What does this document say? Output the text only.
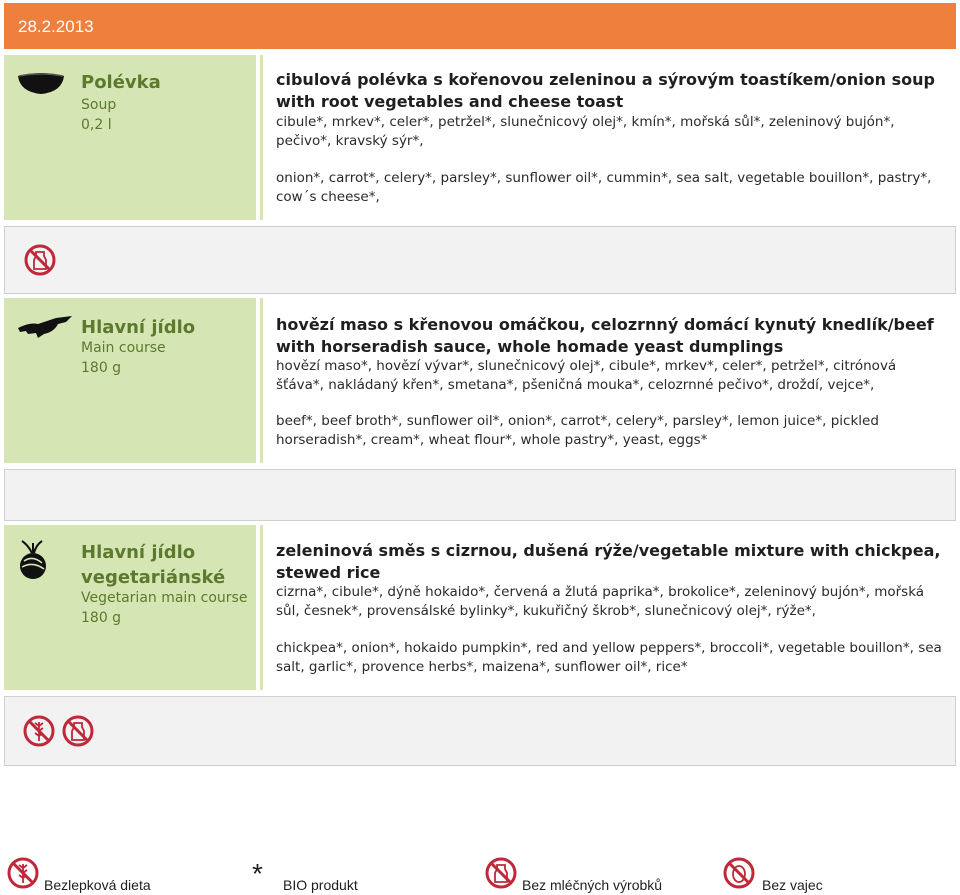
28.2.2013
Polévka
Soup
0,2 l
cibulová polévka s kořenovou zeleninou a sýrovým toastíkem/onion soup with root vegetables and cheese toast
cibule*, mrkev*, celer*, petržel*, slunečnicový olej*, kmín*, mořská sůl*, zeleninový bujón*, pečivo*, kravský sýr*,
onion*, carrot*, celery*, parsley*, sunflower oil*, cummin*, sea salt, vegetable bouillon*, pastry*, cow´s cheese*,
Hlavní jídlo
Main course
180 g
hovězí maso s křenovou omáčkou, celozrnný domácí kynutý knedlík/beef with horseradish sauce, whole homade yeast dumplings
hovězí maso*, hovězí vývar*, slunečnicový olej*, cibule*, mrkev*, celer*, petržel*, citrónová šťáva*, nakládaný křen*, smetana*, pšeničná mouka*, celozrnné pečivo*, droždí, vejce*,
beef*, beef broth*, sunflower oil*, onion*, carrot*, celery*, parsley*, lemon juice*, pickled horseradish*, cream*, wheat flour*, whole pastry*, yeast, eggs*
Hlavní jídlo
vegetariánské
Vegetarian main course
180 g
zeleninová směs s cizrnou, dušená rýže/vegetable mixture with chickpea, stewed rice
cizrna*, cibule*, dýně hokaido*, červená a žlutá paprika*, brokolice*, zeleninový bujón*, mořská sůl, česnek*, provensálské bylinky*, kukuřičný škrob*, slunečnicový olej*, rýže*,
chickpea*, onion*, hokaido pumpkin*, red and yellow peppers*, broccoli*, vegetable bouillon*, sea salt, garlic*, provence herbs*, maizena*, sunflower oil*, rice*
Bezlepková dieta	* BIO produkt	Bez mléčných výrobků	Bez vajec
